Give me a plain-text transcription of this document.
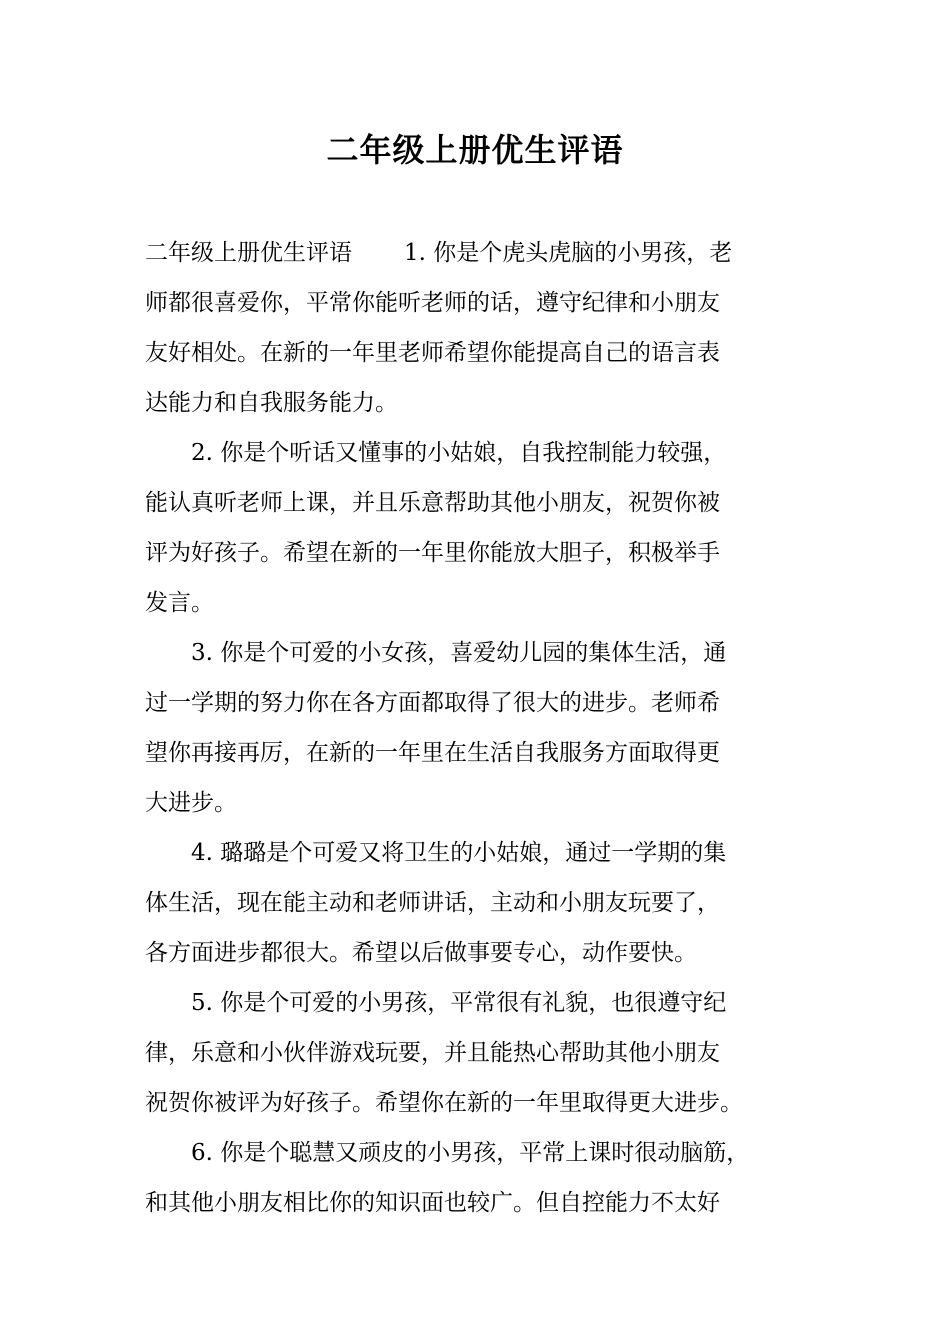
二年级上册优生评语
二年级上册优生评语 1. 你是个虎头虎脑的小男孩，老
师都很喜爱你，平常你能听老师的话，遵守纪律和小朋友
友好相处。在新的一年里老师希望你能提高自己的语言表
达能力和自我服务能力。
2. 你是个听话又懂事的小姑娘，自我控制能力较强，
能认真听老师上课，并且乐意帮助其他小朋友，祝贺你被
评为好孩子。希望在新的一年里你能放大胆子，积极举手
发言。
3. 你是个可爱的小女孩，喜爱幼儿园的集体生活，通
过一学期的努力你在各方面都取得了很大的进步。老师希
望你再接再厉，在新的一年里在生活自我服务方面取得更
大进步。
4. 璐璐是个可爱又将卫生的小姑娘，通过一学期的集
体生活，现在能主动和老师讲话，主动和小朋友玩要了，
各方面进步都很大。希望以后做事要专心，动作要快。
5. 你是个可爱的小男孩，平常很有礼貌，也很遵守纪
律，乐意和小伙伴游戏玩要，并且能热心帮助其他小朋友
祝贺你被评为好孩子。希望你在新的一年里取得更大进步。
6. 你是个聪慧又顽皮的小男孩，平常上课时很动脑筋，
和其他小朋友相比你的知识面也较广。但自控能力不太好
